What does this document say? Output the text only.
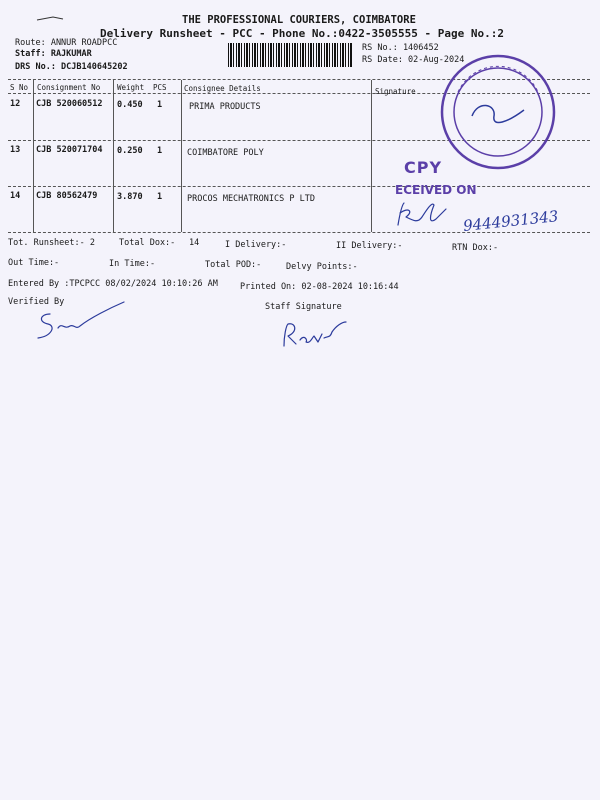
THE PROFESSIONAL COURIERS, COIMBATORE
Delivery Runsheet - PCC - Phone No.:0422-3505555 - Page No.:2
Route: ANNUR ROADPCC
Staff: RAJKUMAR
DRS No.: DCJB140645202
RS No.: 1406452
RS Date: 02-Aug-2024
S No Consignment No Weight PCS Consignee Details	Signature
12 CJB 520060512 0.450 1	PRIMA PRODUCTS
13 CJB 520071704 0.250 1	COIMBATORE POLY
14 CJB 80562479 3.870 1	PROCOS MECHATRONICS P LTD
CPY
ECEIVED ON
9444931343
Tot. Runsheet:- 2	Total Dox:- 14	I Delivery:-	II Delivery:-	RTN Dox:-
Out Time:-	In Time:-	Total POD:-	Delvy Points:-
Entered By :TPCPCC 08/02/2024 10:10:26 AM	Printed On: 02-08-2024 10:16:44
Verified By	Staff Signature
